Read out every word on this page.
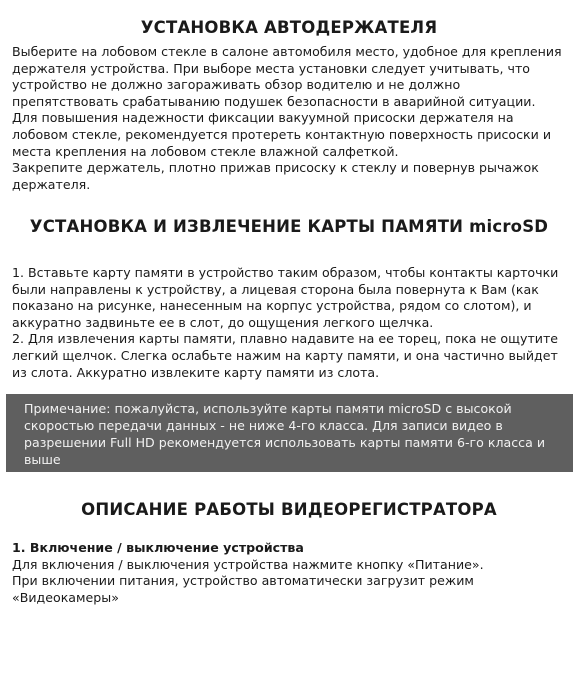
УСТАНОВКА АВТОДЕРЖАТЕЛЯ

Выберите на лобовом стекле в салоне автомобиля место, удобное для крепления держателя устройства. При выборе места установки следует учитывать, что устройство не должно загораживать обзор водителю и не должно препятствовать срабатыванию подушек безопасности в аварийной ситуации.

Для повышения надежности фиксации вакуумной присоски держателя на лобовом стекле, рекомендуется протереть контактную поверхность присоски и места крепления на лобовом стекле влажной салфеткой.

Закрепите держатель, плотно прижав присоску к стеклу и повернув рычажок держателя.

УСТАНОВКА И ИЗВЛЕЧЕНИЕ КАРТЫ ПАМЯТИ microSD

1. Вставьте карту памяти в устройство таким образом, чтобы контакты карточки были направлены к устройству, а лицевая сторона была повернута к Вам (как показано на рисунке, нанесенным на корпус устройства, рядом со слотом), и аккуратно задвиньте ее в слот, до ощущения легкого щелчка.

2. Для извлечения карты памяти, плавно надавите на ее торец, пока не ощутите легкий щелчок. Слегка ослабьте нажим на карту памяти, и она частично выйдет из слота. Аккуратно извлеките карту памяти из слота.

Примечание: пожалуйста, используйте карты памяти microSD с высокой скоростью передачи данных - не ниже 4-го класса. Для записи видео в разрешении Full HD рекомендуется использовать карты памяти 6-го класса и выше

ОПИСАНИЕ РАБОТЫ ВИДЕОРЕГИСТРАТОРА

1. Включение / выключение устройства

Для включения / выключения устройства нажмите кнопку «Питание».

При включении питания, устройство автоматически загрузит режим «Видеокамеры»
